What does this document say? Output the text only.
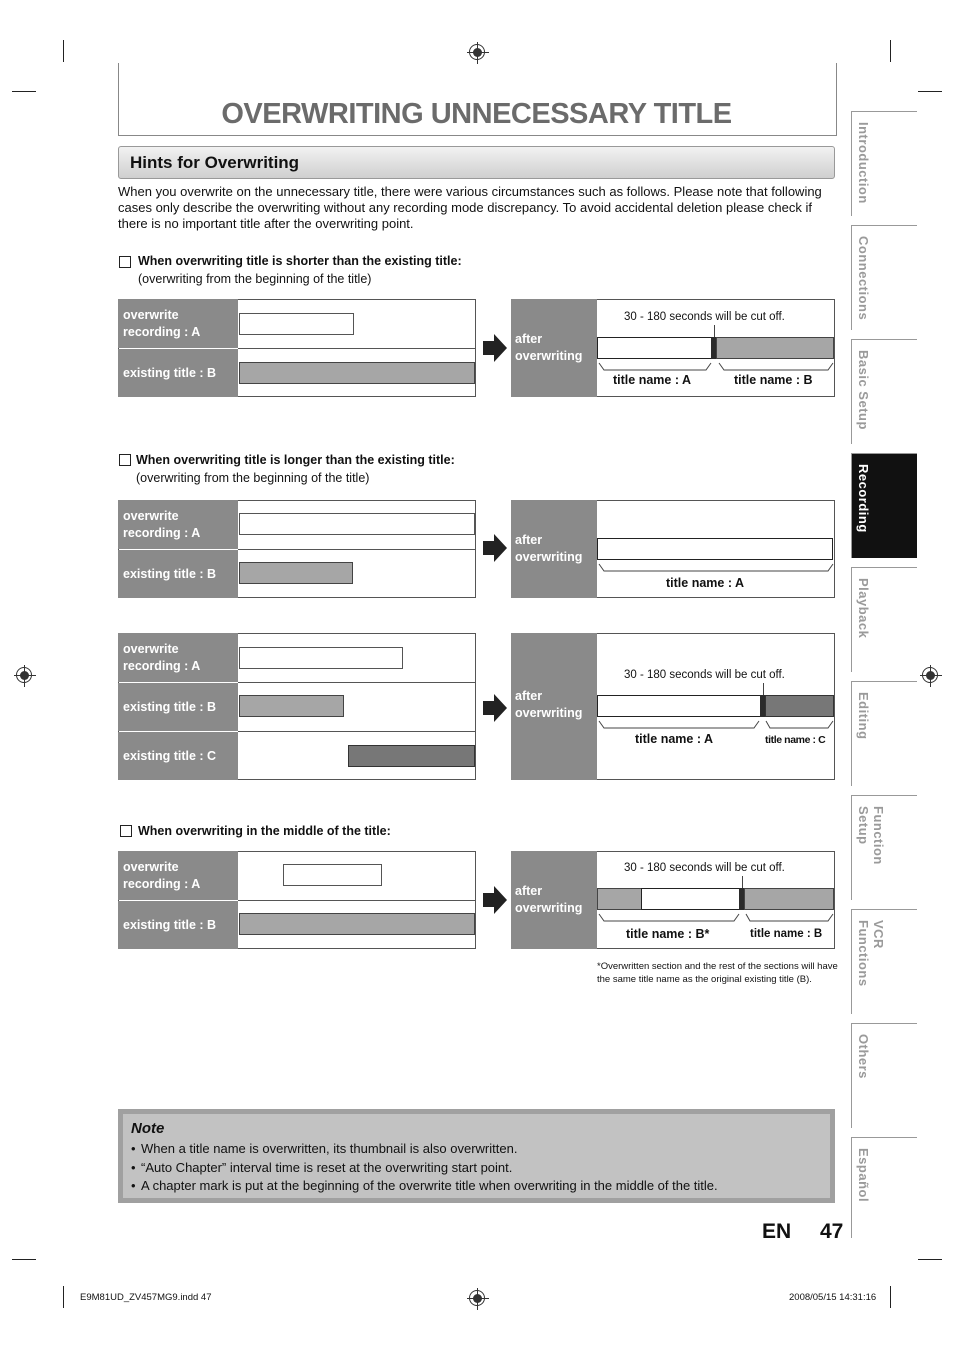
OVERWRITING UNNECESSARY TITLE
Hints for Overwriting
When you overwrite on the unnecessary title, there were various circumstances such as follows. Please note that following cases only describe the overwriting without any recording mode discrepancy. To avoid accidental deletion please check if there is no important title after the overwriting point.
When overwriting title is shorter than the existing title:
(overwriting from the beginning of the title)
overwrite recording : A
existing title : B
after overwriting
30 - 180 seconds will be cut off.
title name : A	title name : B
When overwriting title is longer than the existing title:
(overwriting from the beginning of the title)
overwrite recording : A
existing title : B
after overwriting
title name : A
overwrite recording : A
existing title : B
existing title : C
after overwriting
30 - 180 seconds will be cut off.
title name : A	title name : C
When overwriting in the middle of the title:
overwrite recording : A
existing title : B
after overwriting
30 - 180 seconds will be cut off.
title name : B*	title name : B
*Overwritten section and the rest of the sections will have the same title name as the original existing title (B).
Introduction
Connections
Basic Setup
Recording
Playback
Editing
Function Setup
VCR Functions
Others
Español
Note
• When a title name is overwritten, its thumbnail is also overwritten.
• “Auto Chapter” interval time is reset at the overwriting start point.
• A chapter mark is put at the beginning of the overwrite title when overwriting in the middle of the title.
EN 47
E9M81UD_ZV457MG9.indd 47	2008/05/15 14:31:16
